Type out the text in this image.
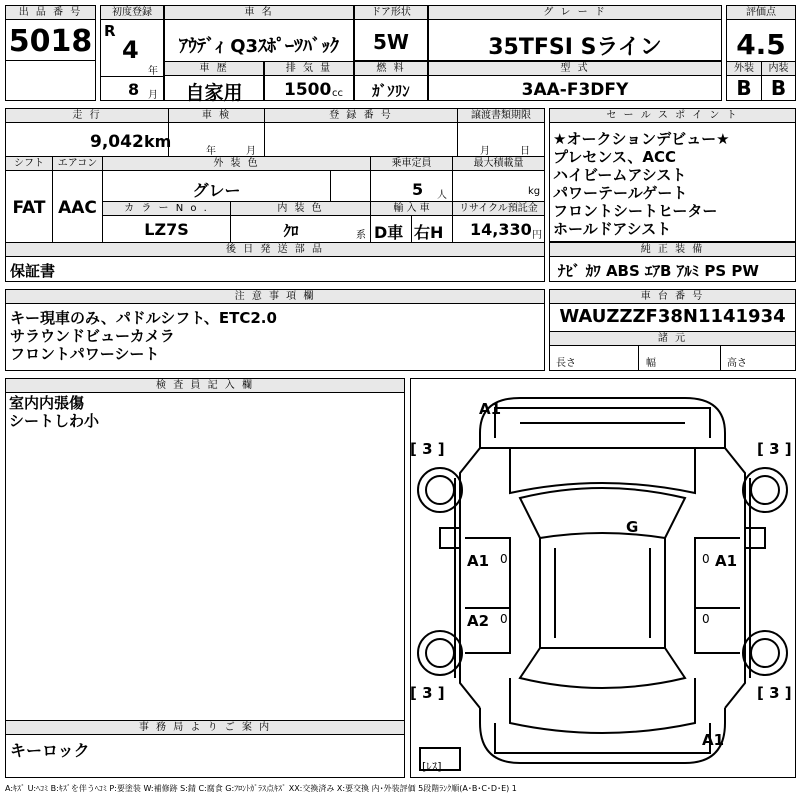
出 品 番 号
5018
初度登録
R
4
年
8 月
車 名
ｱｳﾃﾞｨ Q3ｽﾎﾟｰﾂﾊﾞｯｸ
ドア形状
5W
グ レ ー ド
35TFSI Sライン
評価点
4.5
外装	内装
B B
車 歴
自家用
排 気 量
1500 cc
燃 料
ｶﾞｿﾘﾝ
型 式
3AA-F3DFY
走 行
9,042 km
車 検
年	月
登 録 番 号	譲渡書類期限
月	日
シフト	エアコン
FAT AAC
外 装 色
グレー
乗車定員
5 人
最大積載量
kg
カ ラ ー N o .
LZ7S
内 装 色
ｸﾛ	系
輸 入 車
D車 右H
リサイクル預託金
14,330 円
後 日 発 送 部 品
保証書
セ ー ル ス ポ イ ン ト
★オークションデビュー★
プレセンス、ACC
ハイビームアシスト
パワーテールゲート
フロントシートヒーター
ホールドアシスト
純 正 装 備
ﾅﾋﾞ ｶﾜ ABS ｴｱB ｱﾙﾐ PS PW
注 意 事 項 欄
キー現車のみ、パドルシフト、ETC2.0
サラウンドビューカメラ
フロントパワーシート
車 台 番 号
WAUZZZF38N1141934
諸 元
長さ	幅	高さ
検 査 員 記 入 欄
室内内張傷
シートしわ小
事 務 局 よ り ご 案 内
キーロック
A1
[ 3 ]	[ 3 ]
G
A1 0
A2 0
A1
0
0
[ 3 ]	[ 3 ]
A1
[ﾚｽ]
A:ｷｽﾞ U:ﾍｺﾐ B:ｷｽﾞを伴うﾍｺﾐ P:要塗装 W:補修跡 S:錆 C:腐食 G:ﾌﾛﾝﾄｶﾞﾗｽ点ｷｽﾞ XX:交換済み X:要交換 内･外装評価 5段階ﾗﾝｸ順(A･B･C･D･E) 1
